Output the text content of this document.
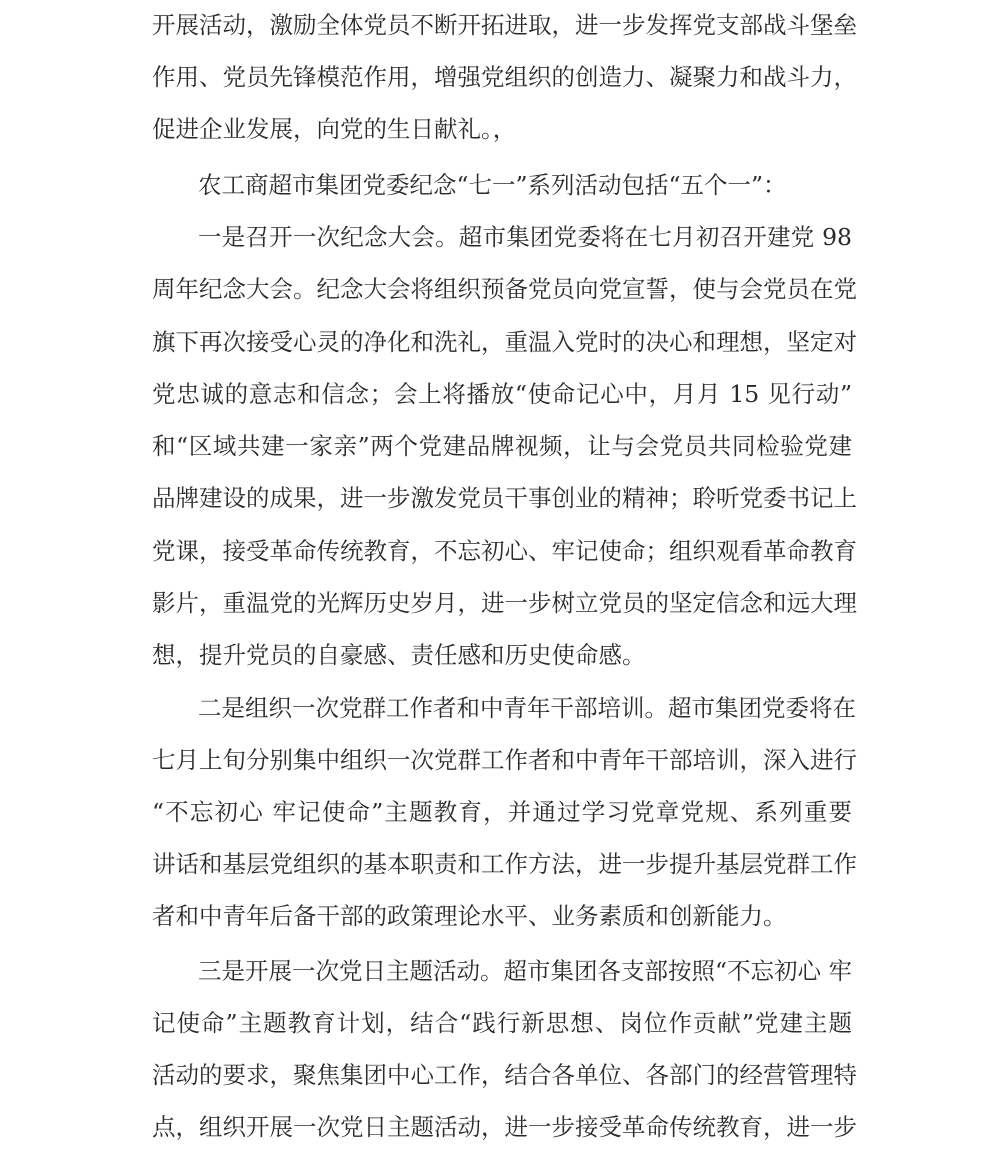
开展活动，激励全体党员不断开拓进取，进一步发挥党支部战斗堡垒
作用、党员先锋模范作用，增强党组织的创造力、凝聚力和战斗力，
促进企业发展，向党的生日献礼。，
农工商超市集团党委纪念“七一”系列活动包括“五个一”：
一是召开一次纪念大会。超市集团党委将在七月初召开建党 98
周年纪念大会。纪念大会将组织预备党员向党宣誓，使与会党员在党
旗下再次接受心灵的净化和洗礼，重温入党时的决心和理想，坚定对
党忠诚的意志和信念；会上将播放“使命记心中，月月 15 见行动”
和“区域共建一家亲”两个党建品牌视频，让与会党员共同检验党建
品牌建设的成果，进一步激发党员干事创业的精神；聆听党委书记上
党课，接受革命传统教育，不忘初心、牢记使命；组织观看革命教育
影片，重温党的光辉历史岁月，进一步树立党员的坚定信念和远大理
想，提升党员的自豪感、责任感和历史使命感。
二是组织一次党群工作者和中青年干部培训。超市集团党委将在
七月上旬分别集中组织一次党群工作者和中青年干部培训，深入进行
“不忘初心 牢记使命”主题教育，并通过学习党章党规、系列重要
讲话和基层党组织的基本职责和工作方法，进一步提升基层党群工作
者和中青年后备干部的政策理论水平、业务素质和创新能力。
三是开展一次党日主题活动。超市集团各支部按照“不忘初心 牢
记使命”主题教育计划，结合“践行新思想、岗位作贡献”党建主题
活动的要求，聚焦集团中心工作，结合各单位、各部门的经营管理特
点，组织开展一次党日主题活动，进一步接受革命传统教育，进一步
